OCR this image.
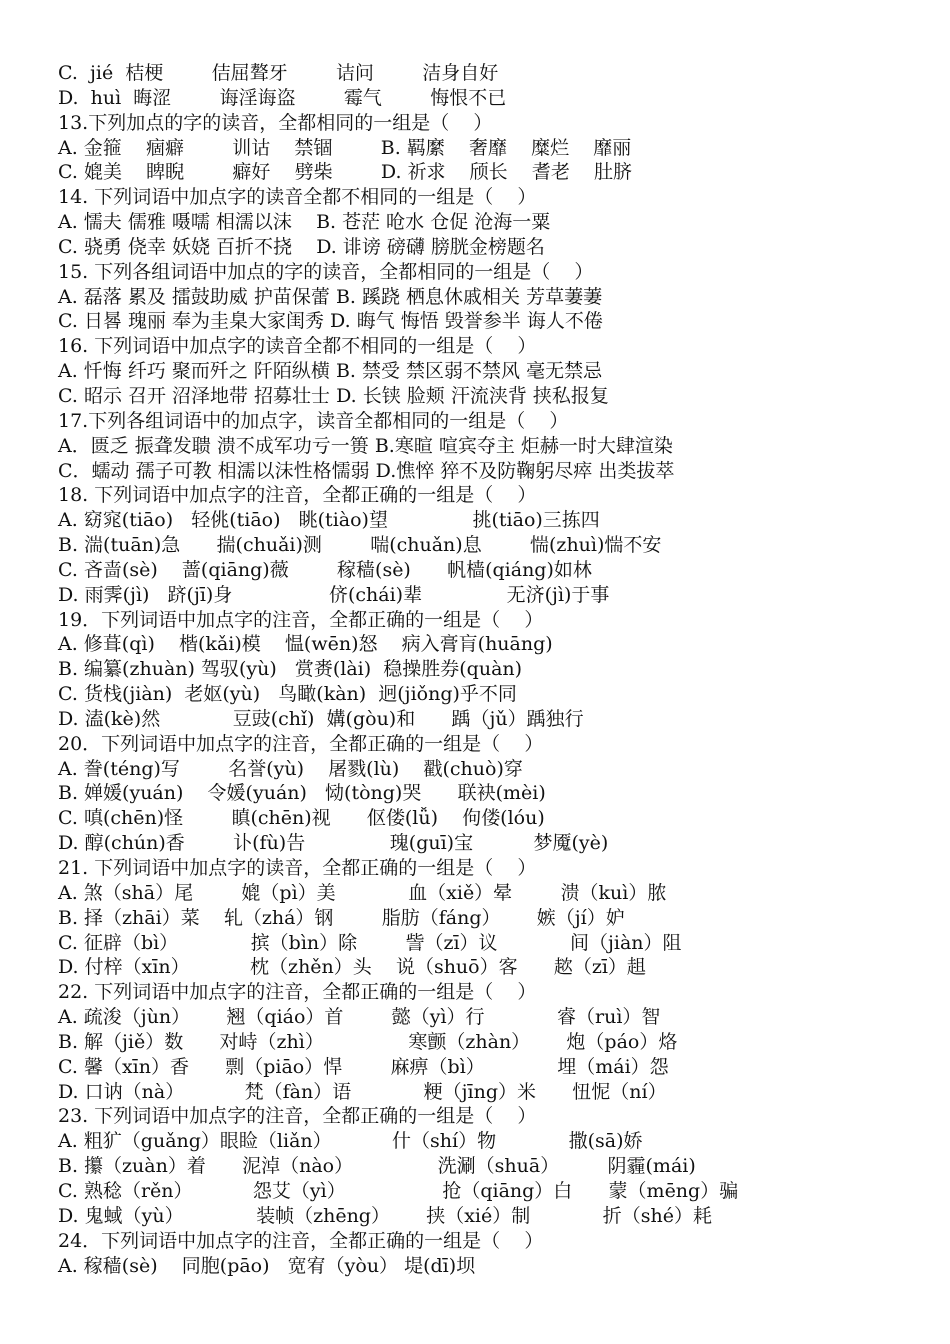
C.  jié  桔梗        佶屈聱牙        诘问        洁身自好
D.  huì  晦涩        诲淫诲盗        霉气        悔恨不已
13.下列加点的字的读音，全都相同的一组是（    ）
A. 金箍    痼癖        训诂    禁锢        B. 羁縻    奢靡    糜烂    靡丽
C. 媲美    睥睨        癖好    劈柴        D. 祈求    颀长    耆老    肚脐
14. 下列词语中加点字的读音全都不相同的一组是（    ）
A. 懦夫 儒雅 嗫嚅 相濡以沫    B. 苍茫 呛水 仓促 沧海一粟
C. 骁勇 侥幸 妖娆 百折不挠    D. 诽谤 磅礴 膀胱金榜题名
15. 下列各组词语中加点的字的读音，全都相同的一组是（    ）
A. 磊落 累及 擂鼓助威 护苗保蕾 B. 蹊跷 栖息休戚相关 芳草萋萋
C. 日晷 瑰丽 奉为圭臬大家闺秀 D. 晦气 悔悟 毁誉参半 诲人不倦
16. 下列词语中加点字的读音全都不相同的一组是（    ）
A. 忏悔 纤巧 聚而歼之 阡陌纵横 B. 禁受 禁区弱不禁风 毫无禁忌
C. 昭示 召开 沼泽地带 招募壮士 D. 长铗 脸颊 汗流浃背 挟私报复
17.下列各组词语中的加点字，读音全都相同的一组是（    ）
A．匮乏 振聋发聩 溃不成军功亏一篑 B.寒暄 喧宾夺主 炬赫一时大肆渲染
C．蠕动 孺子可教 相濡以沫性格懦弱 D.憔悴 猝不及防鞠躬尽瘁 出类拔萃
18. 下列词语中加点字的注音，全都正确的一组是（    ）
A. 窈窕(tiāo)   轻佻(tiāo)   眺(tiào)望              挑(tiāo)三拣四
B. 湍(tuān)急      揣(chuǎi)测        喘(chuǎn)息        惴(zhuì)惴不安
C. 吝啬(sè)    蔷(qiāng)薇        稼穑(sè)      帆樯(qiáng)如林
D. 雨霁(jì)   跻(jī)身                侪(chái)辈              无济(jì)于事
19．下列词语中加点字的注音，全都正确的一组是（    ）
A. 修葺(qì)    楷(kǎi)模    愠(wēn)怒    病入膏肓(huāng)
B. 编纂(zhuàn) 驾驭(yù)   赏赉(lài)  稳操胜券(quàn)
C. 货栈(jiàn)  老妪(yù)   鸟瞰(kàn)  迥(jiǒng)乎不同
D. 溘(kè)然            豆豉(chǐ)  媾(gòu)和      踽（jǔ）踽独行
20．下列词语中加点字的注音，全都正确的一组是（    ）
A. 誊(téng)写        名誉(yù)    屠戮(lù)    戳(chuò)穿
B. 婵媛(yuán)    令媛(yuán)   恸(tòng)哭      联袂(mèi)
C. 嗔(chēn)怪        瞋(chēn)视      伛偻(lǚ)    佝偻(lóu)
D. 醇(chún)香        讣(fù)告              瑰(guī)宝          梦魇(yè)
21. 下列词语中加点字的读音，全都正确的一组是（    ）
A. 煞（shā）尾        媲（pì）美            血（xiě）晕        溃（kuì）脓
B. 择（zhāi）菜    轧（zhá）钢        脂肪（fáng）      嫉（jí）妒
C. 征辟（bì）            摈（bìn）除        訾（zī）议            间（jiàn）阻
D. 付梓（xīn）          枕（zhěn）头    说（shuō）客      趑（zī）趄
22. 下列词语中加点字的注音，全都正确的一组是（    ）
A. 疏浚（jùn）      翘（qiáo）首        懿（yì）行            睿（ruì）智
B. 解（jiě）数      对峙（zhì）              寒颤（zhàn）      炮（páo）烙
C. 馨（xīn）香      剽（piāo）悍        麻痹（bì）            埋（mái）怨
D. 口讷（nà）          梵（fàn）语            粳（jīng）米      忸怩（ní）
23. 下列词语中加点字的注音，全都正确的一组是（    ）
A. 粗犷（guǎng）眼睑（liǎn）          什（shí）物            撒(sā)娇
B. 攥（zuàn）着      泥淖（nào）              洗涮（shuā）        阴霾(mái)
C. 熟稔（rěn）          怨艾（yì）                抢（qiāng）白      蒙（mēng）骗
D. 鬼蜮（yù）            装帧（zhēng）      挟（xié）制            折（shé）耗
24．下列词语中加点字的注音，全都正确的一组是（    ）
A. 稼穑(sè)    同胞(pāo)   宽宥（yòu） 堤(dī)坝
